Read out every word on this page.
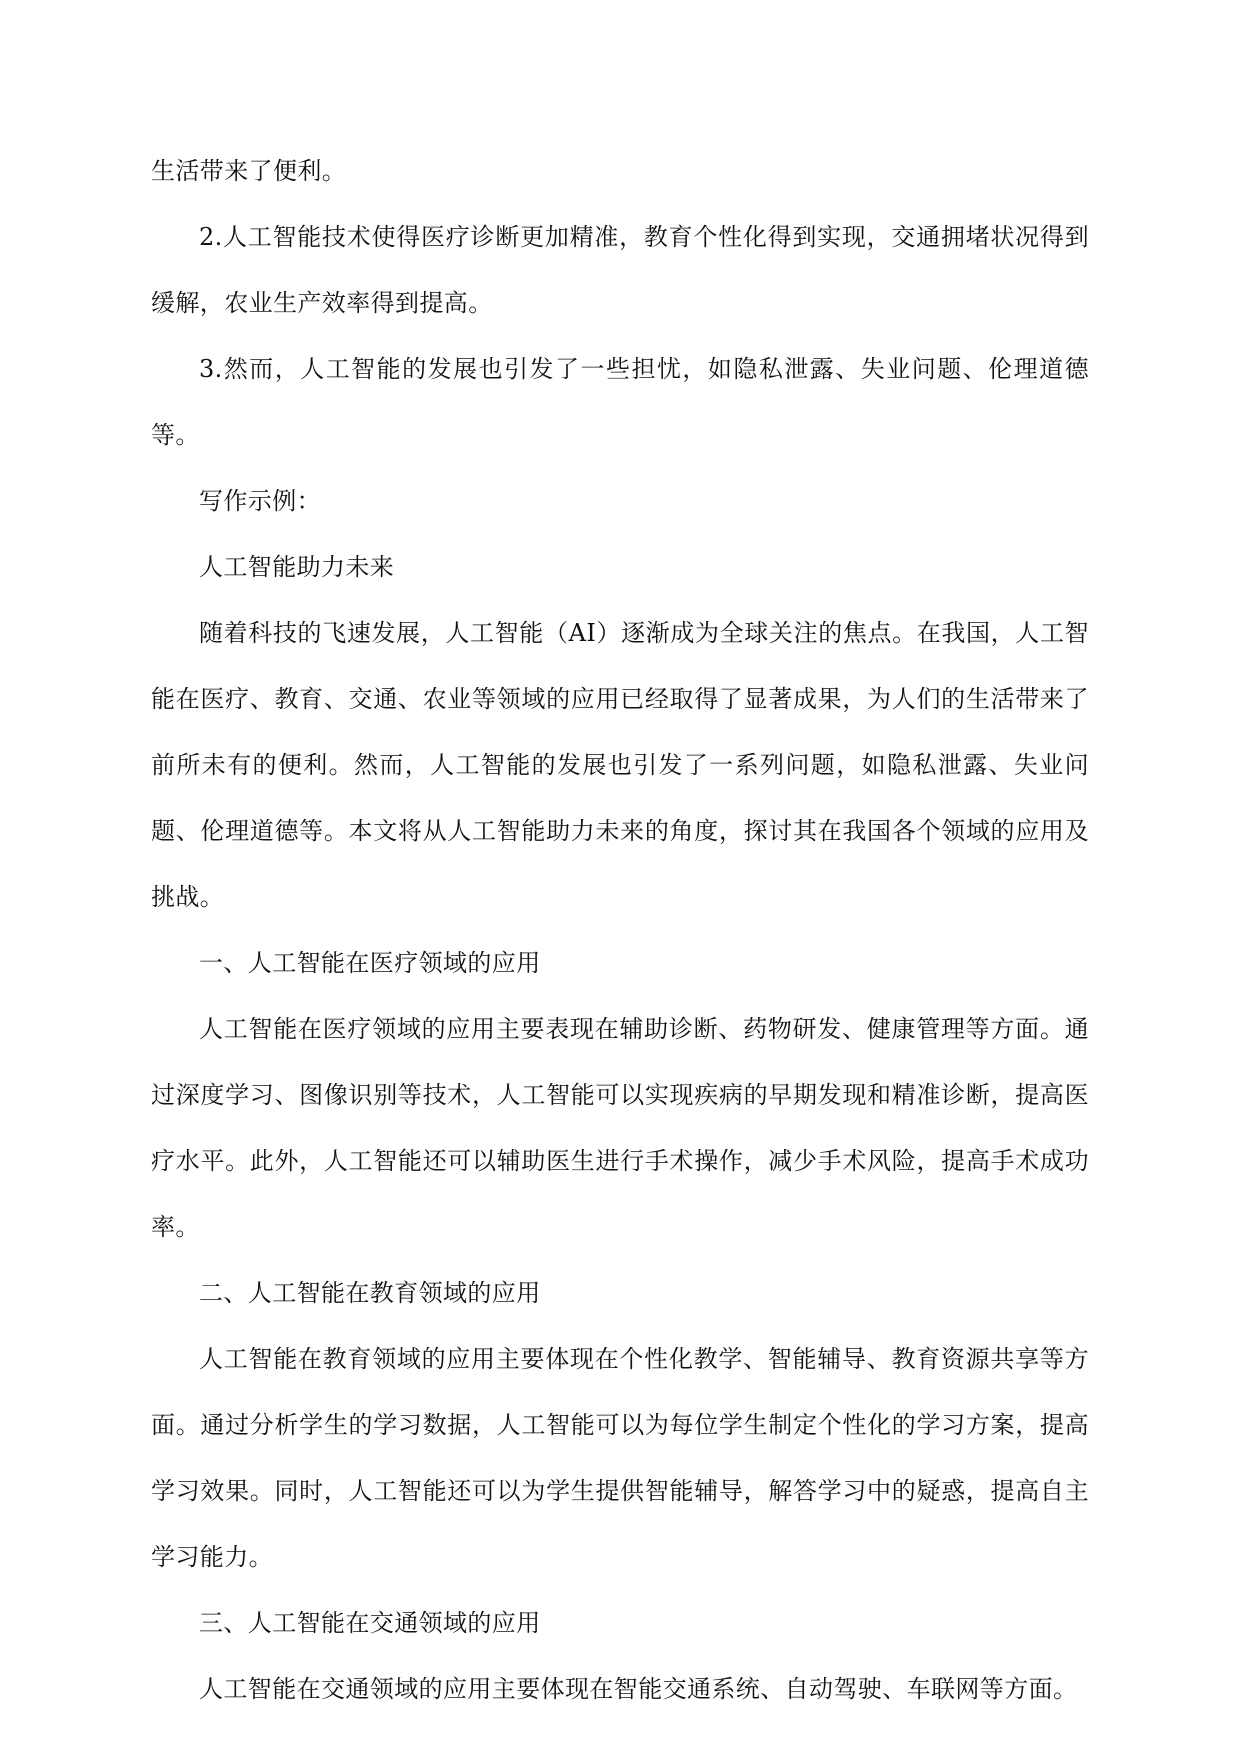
生活带来了便利。

2.人工智能技术使得医疗诊断更加精准，教育个性化得到实现，交通拥堵状况得到缓解，农业生产效率得到提高。

3.然而，人工智能的发展也引发了一些担忧，如隐私泄露、失业问题、伦理道德等。

写作示例：

人工智能助力未来

随着科技的飞速发展，人工智能（AI）逐渐成为全球关注的焦点。在我国，人工智能在医疗、教育、交通、农业等领域的应用已经取得了显著成果，为人们的生活带来了前所未有的便利。然而，人工智能的发展也引发了一系列问题，如隐私泄露、失业问题、伦理道德等。本文将从人工智能助力未来的角度，探讨其在我国各个领域的应用及挑战。

一、人工智能在医疗领域的应用

人工智能在医疗领域的应用主要表现在辅助诊断、药物研发、健康管理等方面。通过深度学习、图像识别等技术，人工智能可以实现疾病的早期发现和精准诊断，提高医疗水平。此外，人工智能还可以辅助医生进行手术操作，减少手术风险，提高手术成功率。

二、人工智能在教育领域的应用

人工智能在教育领域的应用主要体现在个性化教学、智能辅导、教育资源共享等方面。通过分析学生的学习数据，人工智能可以为每位学生制定个性化的学习方案，提高学习效果。同时，人工智能还可以为学生提供智能辅导，解答学习中的疑惑，提高自主学习能力。

三、人工智能在交通领域的应用

人工智能在交通领域的应用主要体现在智能交通系统、自动驾驶、车联网等方面。
